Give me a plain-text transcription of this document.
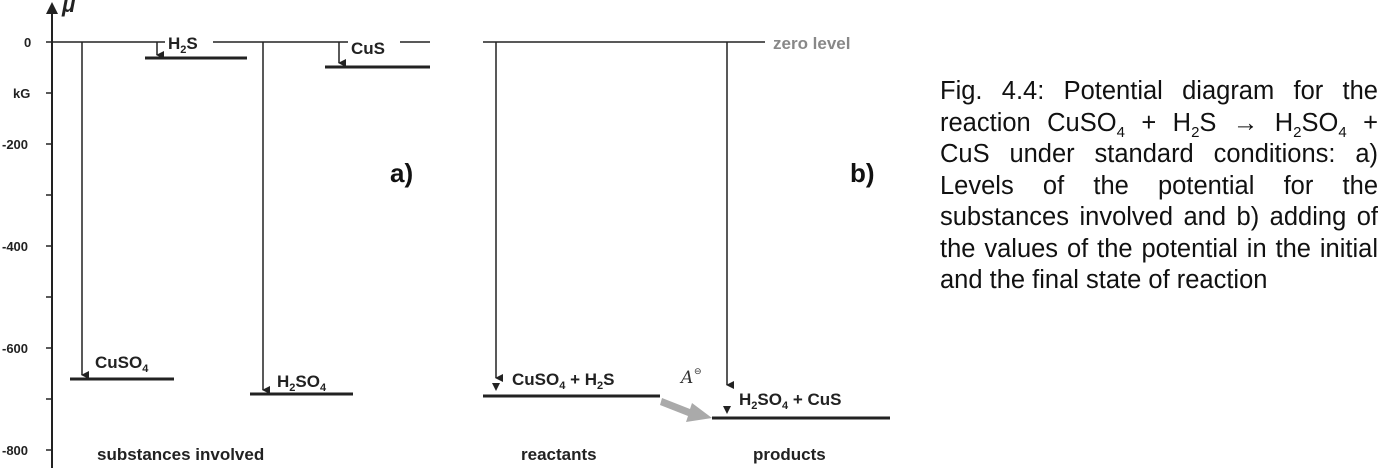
μ
0
kG
-200
-400
-600
-800
$H_2S$	CuS
CuSO$_4$
$H_2SO_4$
a)
substances involved
zero level
CuSO$_4$ + $H_2S$
$H_2SO_4$ + CuS
A ⊖
b)
reactants	products

Fig. 4.4: Potential diagram for the reaction CuSO$_4$ + $H_2S \to H_2SO_4$ + CuS under standard conditions: a) Levels of the potential for the substances involved and b) adding of the values of the potential in the initial and the final state of reaction
